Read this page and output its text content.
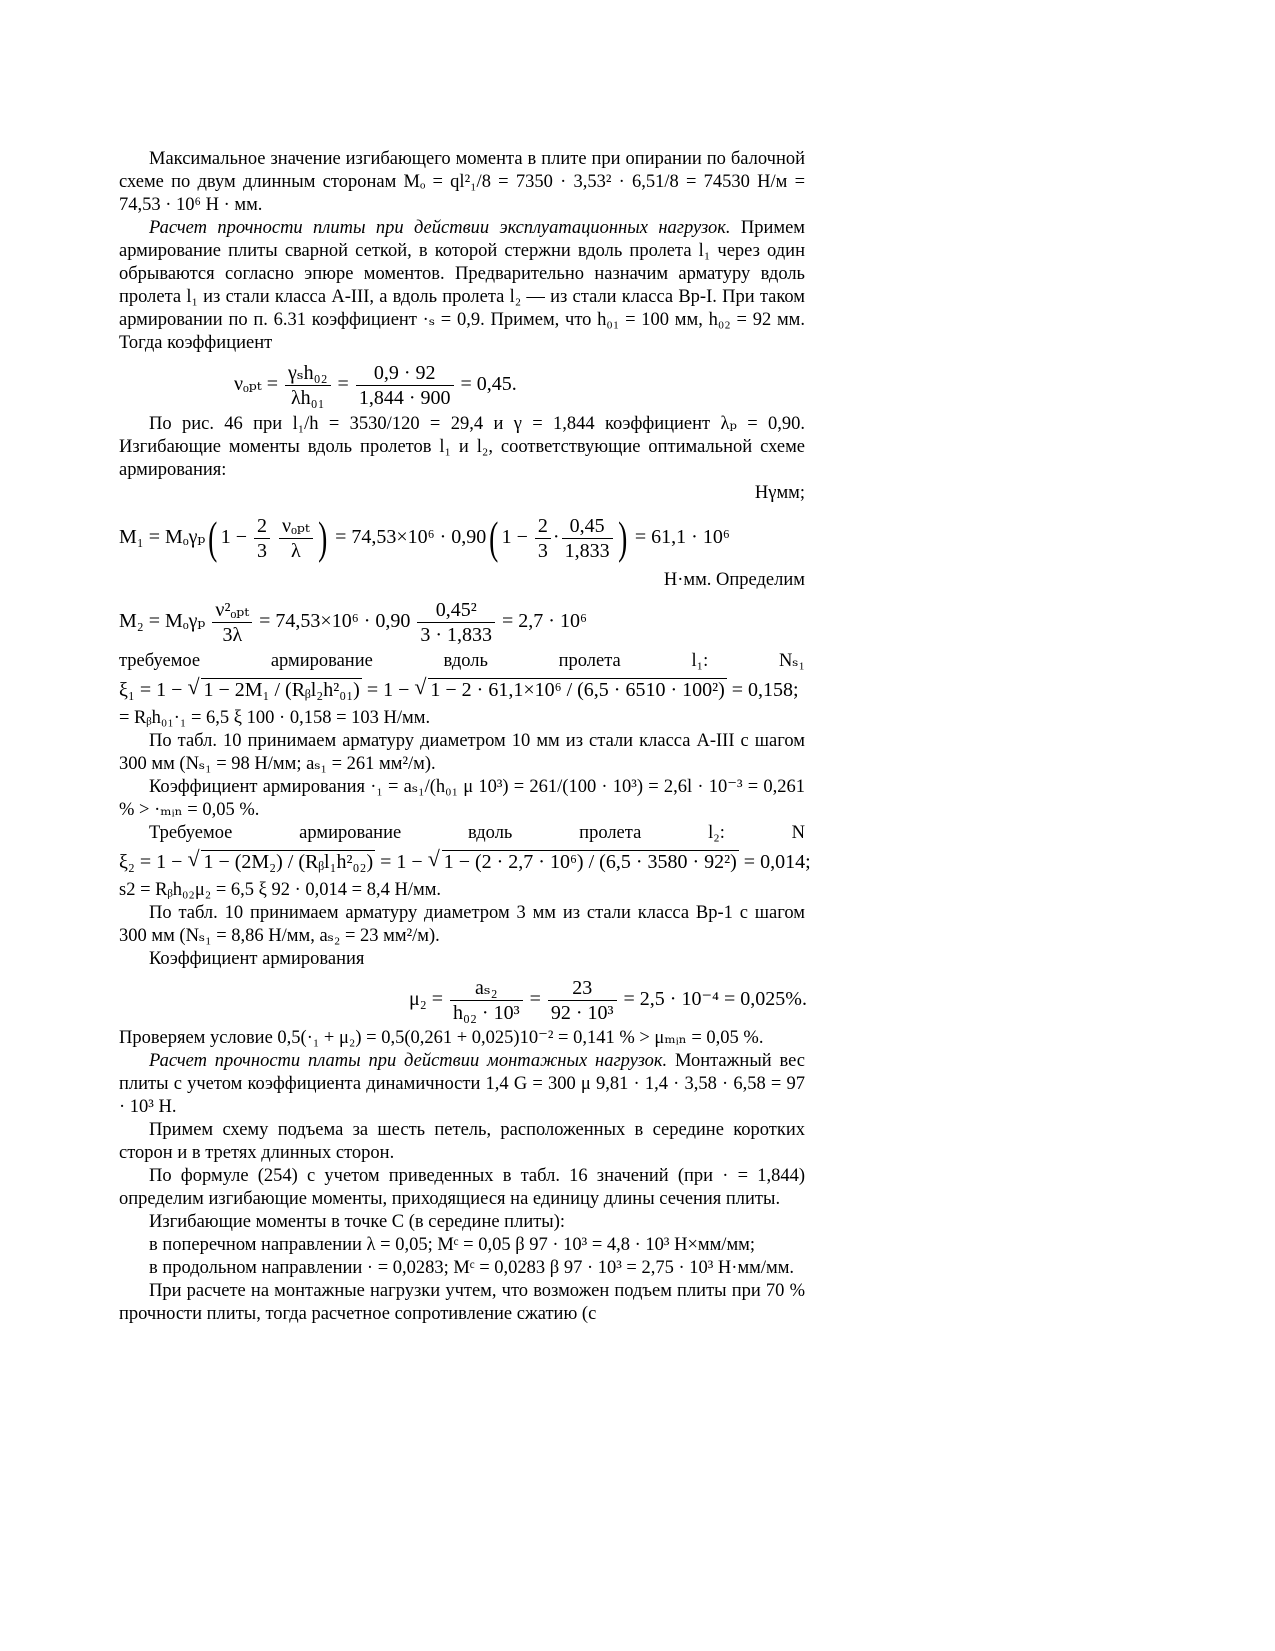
Максимальное значение изгибающего момента в плите при опирании по балочной схеме по двум длинным сторонам Mₒ = ql²₁/8 = 7350 · 3,53² · 6,51/8 = 74530 Н/м = 74,53 · 10⁶ Н · мм.

Расчет прочности плиты при действии эксплуатационных нагрузок. Примем армирование плиты сварной сеткой, в которой стержни вдоль пролета l₁ через один обрываются согласно эпюре моментов. Предварительно назначим арматуру вдоль пролета l₁ из стали класса А-III, а вдоль пролета l₂ — из стали класса Вр-I. При таком армировании по п. 6.31 коэффициент ·ₛ = 0,9. Примем, что h₀₁ = 100 мм, h₀₂ = 92 мм. Тогда коэффициент

$\nu_{opt} = \frac{\text{γₛh₀₂}}{\text{λh₀₁}} = \frac{0,9 \cdot 92}{1,844 \cdot 900} = 0,45$.

По рис. 46 при l₁/h = 3530/120 = 29,4 и γ = 1,844 коэффициент λₚ = 0,90. Изгибающие моменты вдоль пролетов l₁ и l₂, соответствующие оптимальной схеме армирования:

Нγмм;

M₁ = Mₒγₚ( $1 - \frac{2}{3}$
$\frac{\text{νₒₚₜ}}{\lambda}$ ) = 74,53×10⁶ · 0,90( $1 - \frac{2}{3} \cdot \frac{0,45}{1,833}$ ) = 61,1 · 10⁶

Н·мм. Определим

M₂ = Mₒγₚ $\frac{\text{ν²ₒₚₜ}}{3\lambda} = 74,53\times 10^6 \cdot 0,90 \frac{\text{0,45²}}{3 \cdot 1,833} = 2,7 \cdot 10^6$

требуемое армирование вдоль пролета l₁: Nₛ₁

ξ₁ = 1 − √ 1 − 2M₁ / (Rᵦl₂h²₀₁) = 1 − √ 1 − 2 · 61,1×10⁶ / (6,5 · 6510 · 100²) = 0,158;

= Rᵦh₀₁·₁ = 6,5 ξ 100 · 0,158 = 103 Н/мм.

По табл. 10 принимаем арматуру диаметром 10 мм из стали класса А-III с шагом 300 мм (Nₛ₁ = 98 Н/мм; aₛ₁ = 261 мм²/м).

Коэффициент армирования ·₁ = aₛ₁/(h₀₁ μ 10³) = 261/(100 · 10³) = 2,6l · 10⁻³ = 0,261 % > ·ₘᵢₙ = 0,05 %.

Требуемое армирование вдоль пролета l₂: N

ξ₂ = 1 − √ 1 − (2M₂) / (Rᵦl₁h²₀₂) = 1 − √ 1 − (2 · 2,7 · 10⁶) / (6,5 · 3580 · 92²) = 0,014;

s2 = Rᵦh₀₂μ₂ = 6,5 ξ 92 · 0,014 = 8,4 Н/мм.

По табл. 10 принимаем арматуру диаметром 3 мм из стали класса Вр-1 с шагом 300 мм (Nₛ₁ = 8,86 Н/мм, aₛ₂ = 23 мм²/м).

Коэффициент армирования

$\mu_2 = \frac{\text{aₛ₂}}{\text{h₀₂ · 10³}} = \frac{23}{\text{92 · 10³}} = 2,5 \cdot 10^{-4} = 0,025\%$.

Проверяем условие 0,5(·₁ + μ₂) = 0,5(0,261 + 0,025)10⁻² = 0,141 % > μₘᵢₙ = 0,05 %.

Расчет прочности платы при действии монтажных нагрузок. Монтажный вес плиты с учетом коэффициента динамичности 1,4 G = 300 μ 9,81 · 1,4 · 3,58 · 6,58 = 97 · 10³ Н.

Примем схему подъема за шесть петель, расположенных в середине коротких сторон и в третях длинных сторон.

По формуле (254) с учетом приведенных в табл. 16 значений (при · = 1,844) определим изгибающие моменты, приходящиеся на единицу длины сечения плиты.

Изгибающие моменты в точке C (в середине плиты):

в поперечном направлении λ = 0,05; Mᶜ = 0,05 β 97 · 10³ = 4,8 · 10³ Н×мм/мм;

в продольном направлении · = 0,0283; Mᶜ = 0,0283 β 97 · 10³ = 2,75 · 10³ Н·мм/мм.

При расчете на монтажные нагрузки учтем, что возможен подъем плиты при 70 % прочности плиты, тогда расчетное сопротивление сжатию (с
